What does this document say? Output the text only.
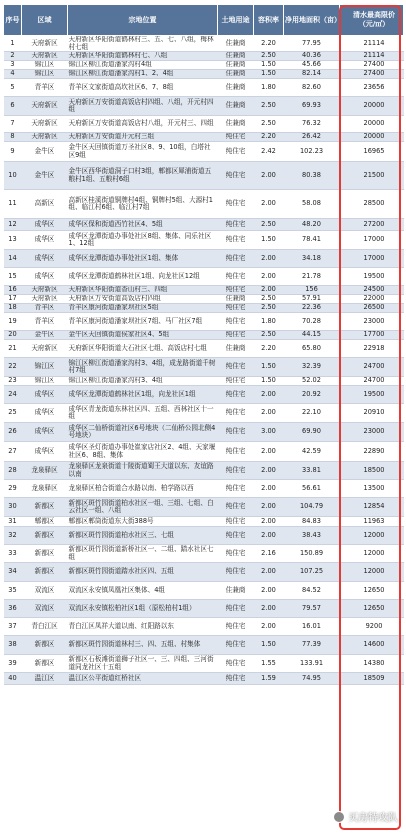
序号	区域	宗地位置	土地用途	容积率	净用地面积（亩）	清水最高限价（元/㎡）
1	天府新区	天府新区华阳街道鹤林村三、五、七、八组，梅林村七组	住兼商	2.20	77.95	21114
2	天府新区	天府新区华阳街道鹤林村七、八组	住兼商	2.50	40.36	21114
3	锦江区	锦江区柳江街道潘家沟村4组	住兼商	1.50	45.66	27400
4	锦江区	锦江区柳江街道潘家沟村1、2、4组	住兼商	1.50	82.14	27400
5	青羊区	青羊区文家街道高坎社区6、7、8组	住兼商	1.80	82.60	23656
6	天府新区	天府新区万安街道高饭店村四组、八组，开元村四组	住兼商	2.50	69.93	20000
7	天府新区	天府新区万安街道高饭店村八组，开元村三、四组	住兼商	2.50	76.32	20000
8	天府新区	天府新区万安街道开元村三组	纯住宅	2.20	26.42	20000
9	金牛区	金牛区天回镇街道万圣社区8、9、10组，白塔社区9组	纯住宅	2.42	102.23	16965
10	金牛区	金牛区西华街道洞子口村3组，郫都区犀浦街道五粮村1组、五粮村6组	纯住宅	2.00	80.38	21500
11	高新区	高新区桂溪街道铜牌村4组、铜牌村5组、大源村1组、临江村6组、临江村7组	纯住宅	2.00	58.08	28500
12	成华区	成华区保和街道西竹社区4、5组	纯住宅	2.50	48.20	27200
13	成华区	成华区龙潭街道办事处社区8组、集体、同乐社区1、12组	纯住宅	1.50	78.41	17000
14	成华区	成华区龙潭街道办事处社区1组、集体	纯住宅	2.00	34.18	17000
15	成华区	成华区龙潭街道鹤林社区1组、向龙社区12组	纯住宅	2.00	21.78	19500
16	天府新区	天府新区华阳街道香山村三、四组	纯住宅	2.00	156	24500
17	天府新区	天府新区万安街道高饭店村四组	住兼商	2.50	57.91	22000
18	青羊区	青羊区康河街道潘家坝社区5组	纯住宅	2.50	22.36	26500
19	青羊区	青羊区康河街道潘家坝社区7组、马厂社区7组	纯住宅	1.80	70.28	23000
20	金牛区	金牛区天回镇街道侯家社区4、5组	纯住宅	2.50	44.15	17700
21	天府新区	天府新区华阳街道大石社区七组、高饭店村七组	住兼商	2.20	65.80	22918
22	锦江区	锦江区柳江街道潘家沟村3、4组，成龙路街道千树村7组	纯住宅	1.50	32.39	24700
23	锦江区	锦江区柳江街道潘家沟村3、4组	纯住宅	1.50	52.02	24700
24	成华区	成华区龙潭街道鹤林社区1组，向龙社区1组	纯住宅	2.00	20.92	19500
25	成华区	成华区青龙街道东林社区四、五组、西林社区十一组	纯住宅	2.00	22.10	20910
26	成华区	成华区二仙桥街道社区6号地块（二仙桥公园北侧4号地块）	纯住宅	3.00	69.90	23000
27	成华区	成华区圣灯街道办事处崔家店社区2、4组、天家堰社区6、8组、集体	纯住宅	2.00	42.59	22890
28	龙泉驿区	龙泉驿区龙泉街道十陵街道蜀王大道以东、友谊路以南	纯住宅	2.00	33.81	18500
29	龙泉驿区	龙泉驿区柏合街道合水路以南、柏学路以西	纯住宅	2.00	56.61	13500
30	新都区	新都区斑竹园街道柏水社区一组、三组、七组、白云社区一组、八组	纯住宅	2.00	104.79	12854
31	郫都区	郫都区郫筒街道东大街388号	纯住宅	2.00	84.83	11963
32	新都区	新都区斑竹园街道柏水社区三、七组	纯住宅	2.00	38.43	12000
33	新都区	新都区斑竹园街道新桥社区一、二组、踏水社区七组	纯住宅	2.16	150.89	12000
34	新都区	新都区斑竹园街道踏水社区四、五组	纯住宅	2.00	107.25	12000
35	双流区	双流区永安镇凤凰社区集体、4组	住兼商	2.00	84.52	12650
36	双流区	双流区永安镇松柏社区1组（原松柏村1组）	纯住宅	2.00	79.57	12650
37	青白江区	青白江区凤祥大道以南、红阳路以东	纯住宅	2.00	16.01	9200
38	新都区	新都区斑竹园街道林村三、四、五组、村集体	纯住宅	1.50	77.39	14600
39	新都区	新都区石板滩街道狮子社区一、三、四组、三河街道同龙社区十五组	纯住宅	1.55	133.91	14380
40	温江区	温江区公平街道红桥社区	纯住宅	1.59	74.95	18509
买房特攻队
